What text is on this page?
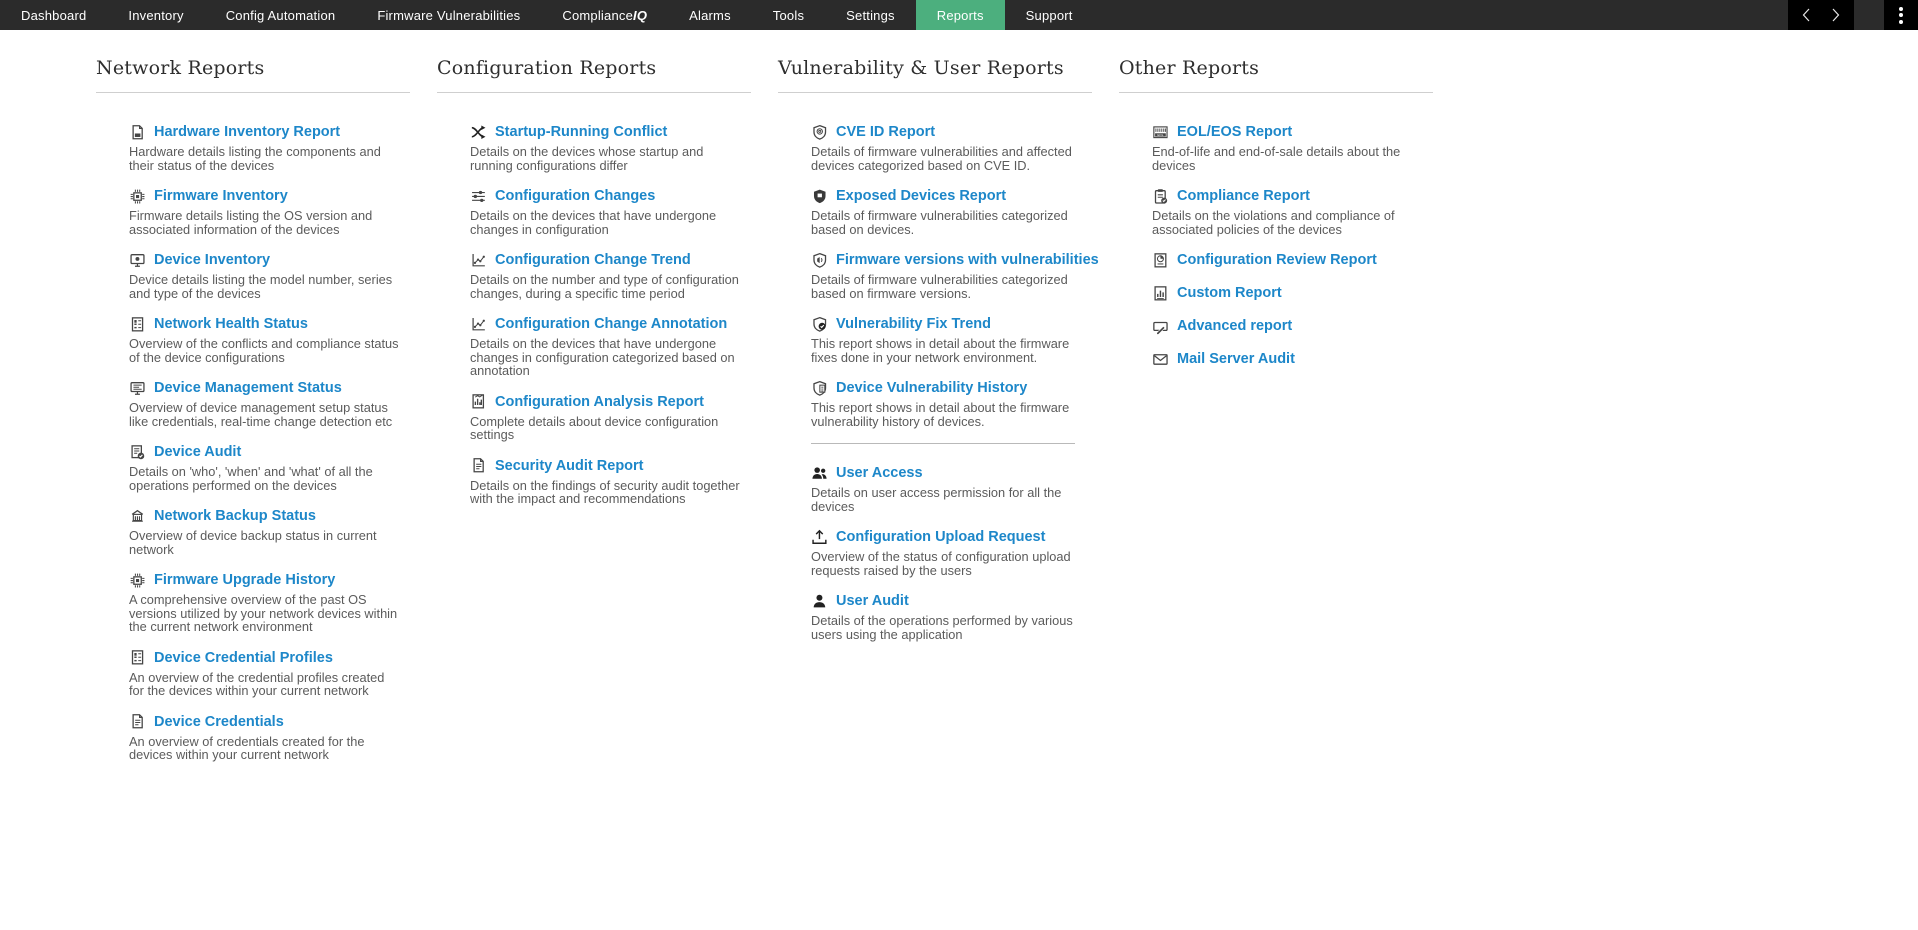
Dashboard	Inventory	Config Automation	Firmware Vulnerabilities	Compliance IQ	Alarms	Tools	Settings	Reports	Support
Network Reports
Hardware Inventory Report

Hardware details listing the components and their status of the devices

Firmware Inventory

Firmware details listing the OS version and associated information of the devices

Device Inventory

Device details listing the model number, series and type of the devices

Network Health Status

Overview of the conflicts and compliance status of the device configurations

Device Management Status

Overview of device management setup status like credentials, real-time change detection etc

Device Audit

Details on 'who', 'when' and 'what' of all the operations performed on the devices

Network Backup Status

Overview of device backup status in current network

Firmware Upgrade History

A comprehensive overview of the past OS versions utilized by your network devices within the current network environment

Device Credential Profiles

An overview of the credential profiles created for the devices within your current network

Device Credentials

An overview of credentials created for the devices within your current network

Configuration Reports
Startup-Running Conflict

Details on the devices whose startup and running configurations differ

Configuration Changes

Details on the devices that have undergone changes in configuration

Configuration Change Trend

Details on the number and type of configuration changes, during a specific time period

Configuration Change Annotation

Details on the devices that have undergone changes in configuration categorized based on annotation

Configuration Analysis Report

Complete details about device configuration settings

Security Audit Report

Details on the findings of security audit together with the impact and recommendations

Vulnerability & User Reports
CVE ID Report

Details of firmware vulnerabilities and affected devices categorized based on CVE ID.

Exposed Devices Report

Details of firmware vulnerabilities categorized based on devices.

Firmware versions with vulnerabilities

Details of firmware vulnerabilities categorized based on firmware versions.

Vulnerability Fix Trend

This report shows in detail about the firmware fixes done in your network environment.

Device Vulnerability History

This report shows in detail about the firmware vulnerability history of devices.

User Access

Details on user access permission for all the devices

Configuration Upload Request

Overview of the status of configuration upload requests raised by the users

User Audit

Details of the operations performed by various users using the application

Other Reports
EOL EOL/EOS Report

End-of-life and end-of-sale details about the devices

Compliance Report

Details on the violations and compliance of associated policies of the devices

Configuration Review Report
Custom Report
Advanced report
Mail Server Audit
